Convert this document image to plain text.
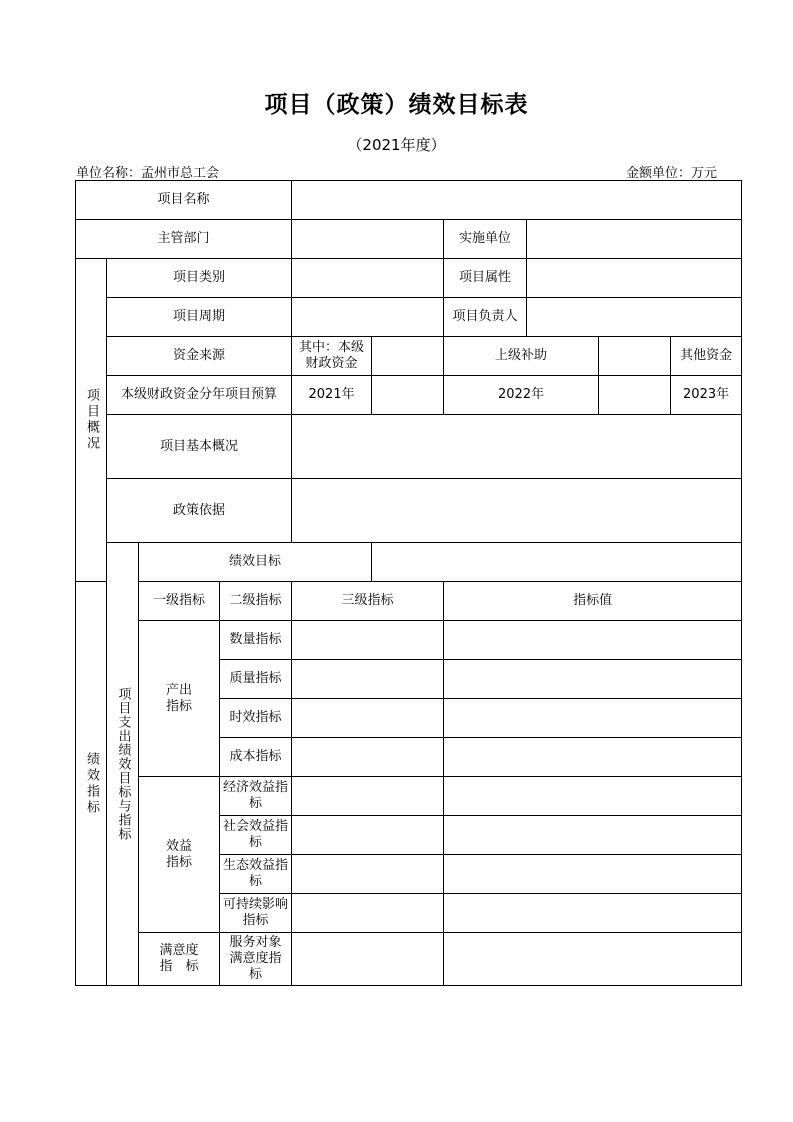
项目（政策）绩效目标表
（2021年度）
单位名称：孟州市总工会	金额单位：万元
项目名称										
主管部门						实施单位				

项目概况	项目类别					项目属性				
	项目周期					项目负责人				
	资金来源			其中：本级财政资金		上级补助			其他资金	
	本级财政资金分年项目预算			2021年		2022年			2023年	
	项目基本概况									
	政策依据									

	项目支出绩效目标与指标	绩效目标								

绩效指标		一级指标	二级指标	三级指标		指标值				
		产出指标	数量指标							
			质量指标							
			时效指标							
			成本指标							
		效益指标	经济效益指　　标							
			社会效益指　　标							
			生态效益指　　标							
			可持续影响指标							
		满意度指　标	服务对象满意度指　　标							
